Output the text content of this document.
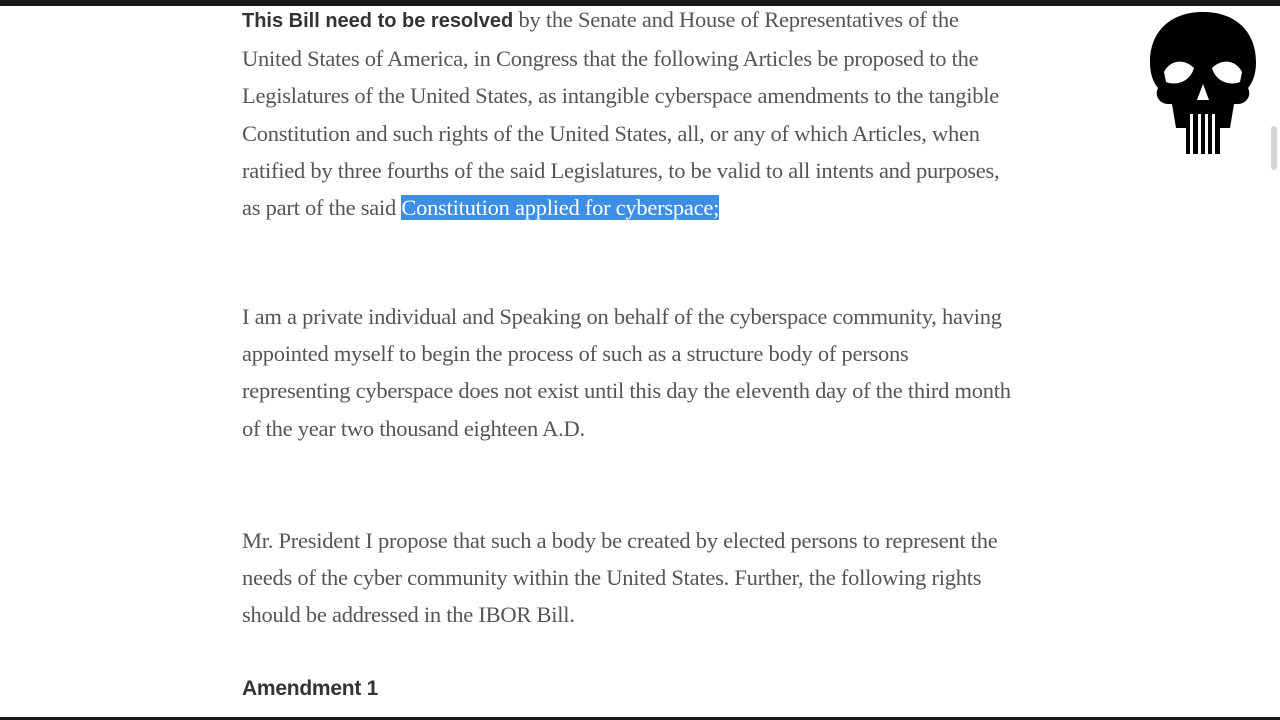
This Bill need to be resolved by the Senate and House of Representatives of the United States of America, in Congress that the following Articles be proposed to the Legislatures of the United States, as intangible cyberspace amendments to the tangible Constitution and such rights of the United States, all, or any of which Articles, when ratified by three fourths of the said Legislatures, to be valid to all intents and purposes, as part of the said Constitution applied for cyberspace;

I am a private individual and Speaking on behalf of the cyberspace community, having appointed myself to begin the process of such as a structure body of persons representing cyberspace does not exist until this day the eleventh day of the third month of the year two thousand eighteen A.D.

Mr. President I propose that such a body be created by elected persons to represent the needs of the cyber community within the United States. Further, the following rights should be addressed in the IBOR Bill.

Amendment 1
